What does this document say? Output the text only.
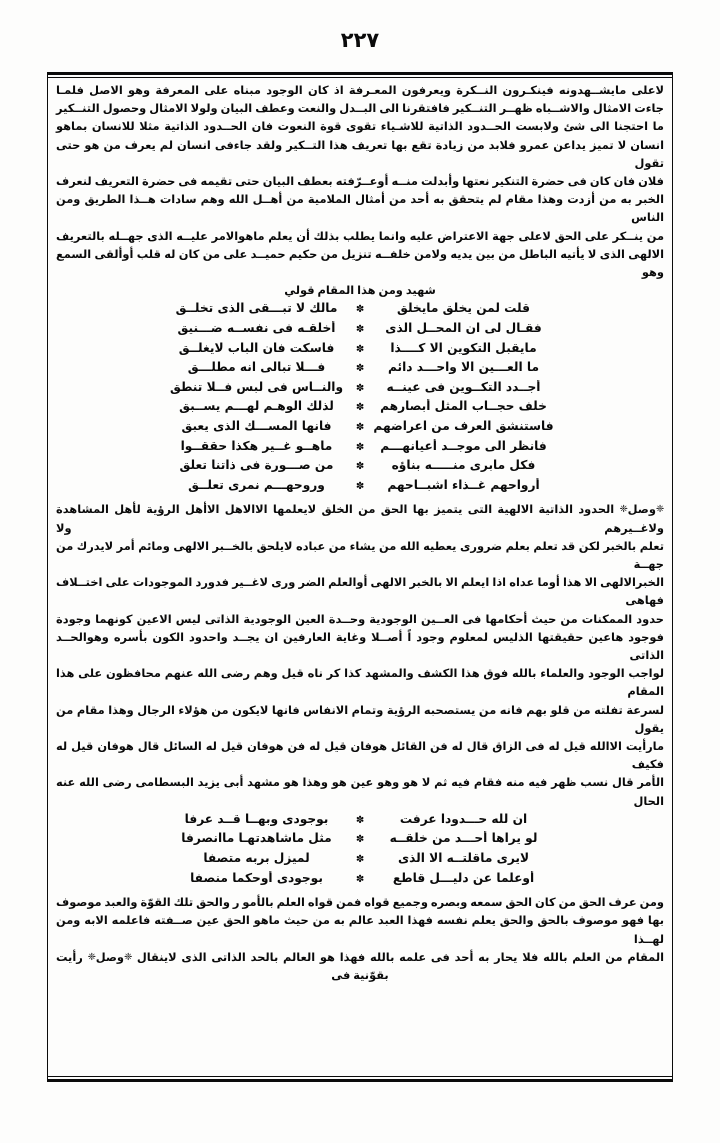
٢٢٧

لاعلى مايشــهدونه فينكـرون النــكرة ويعرفون المعـرفة اذ كان الوجود مبناه على المعرفة وهو الاصل فلمـا

جاءت الامثال والاشــباه ظهــر التنــكير فافتقرنا الى البــدل والنعت وعطف البيان ولولا الامثال وحصول التنــكير

ما احتجنا الى شئ ولابست الحــدود الذاتية للاشـياء تقوى قوة النعوت فان الحــدود الذاتية مثلا للانسان بماهو

انسان لا تميز يداعن عمرو فلابد من زيادة تقع بها تعريف هذا التــكير ولقد جاءفى انسان لم يعرف من هو حتى تقول

فلان فان كان فى حضرة التنكير نعتها وأبدلت منــه أوعــرّفته بعطف البيان حتى تقيمه فى حضرة التعريف لنعرف

الخبر به من أزدت وهذا مقام لم يتحقق به أحد من أمثال الملامية من أهــل الله وهم سادات هــذا الطريق ومن الناس

من ينــكر على الحق لاعلى جهة الاعتراض عليه وانما يطلب بذلك أن يعلم ماهوالامر عليــه الذى جهــله بالتعريف

الالهى الذى لا يأتيه الباطل من بين يديه ولامن خلفــه تنزيل من حكيم حميــد على من كان له قلب أوألقى السمع وهو

شهيد ومن هذا المقام قولي

قلت لمن يخلق مايخلق
✽
مالك لا تبـــقى الذى تخلــق
فقـال لى ان المحــل الذى
✽
أخلقـه فى نفســه ضـــنيق
مايقبل التكوين الا كــــذا
✽
فاسكت فان الباب لايغلــق
ما العـــين الا واحـــد دائم
✽
فـــلا تبالى انه مطلـــق
أجــدد التكــوين فى عينــه
✽
والنــاس فى لبس فــلا تنطق
خلف حجــاب المثل أبصارهم
✽
لذلك الوهـم لهـــم يســبق
فاستنشق العرف من اعراضهم
✽
فانها المســـك الذى يعبق
فانظر الى موجــد أعيانهـــم
✽
ماهــو غــير هكذا حققــوا
فكل مابرى منـــــه بناؤه
✽
من صـــورة فى ذاتنا تعلق
أرواحهم غــذاء اشبــاحهم
✽
وروحهـــم نمرى تعلــق

❈وصل❈ الحدود الذاتية الالهية التى يتميز بها الحق من الخلق لايعلمها الاالاهل الاأهل الرؤية لأهل المشاهدة ولاغــيرهم ولا

تعلم بالخبر لكن قد تعلم بعلم ضرورى يعطيه الله من يشاء من عباده لايلحق بالخــبر الالهى ومائم أمر لايدرك من جهــة

الخبرالالهى الا هذا أوما عداه اذا ايعلم الا بالخبر الالهى أوالعلم الضر ورى لاغــير فدورد الموجودات على اختــلاف فهاهى

حدود الممكنات من حيث أحكامها فى العــين الوجودية وحــدة العين الوجودية الذاتى ليس الاعين كونهما وجودة

فوجود هاعين حقيقتها الذليس لمعلوم وجود اً أصــلا وغاية العارفين ان يجــد واحدود الكون بأسره وهوالحــد الذاتى

لواجب الوجود والعلماء بالله فوق هذا الكشف والمشهد كذا كر ناه قيل وهم رضى الله عنهم محافظون على هذا المقام

لسرعة تفلته من قلو بهم فانه من يستصحبه الرؤية وتمام الانفاس فانها لايكون من هؤلاء الرجال وهذا مقام من يقول

مارأيت الاالله قيل له فى الزاق قال له فن القائل هوفان قيل له فن هوفان قيل له السائل قال هوفان قيل له فكيف

الأمر قال نسب ظهر فيه منه فقام فيه ثم لا هو وهو عين هو وهذا هو مشهد أبى يزيد البسطامى رضى الله عنه الحال

ان لله حـــدودا عرفت
✽
بوجودى وبهــا قــد عرفا
لو يراها أحـــد من خلقــه
✽
مثل ماشاهدتهـا ماانصرفا
لايرى ماقلتــه الا الذى
✽
لميزل بربه متصفا
أوعلما عن دليـــل قاطع
✽
بوجودى أوحكما منصفا

ومن عرف الحق من كان الحق سمعه وبصره وجميع قواه فمن قواه العلم بالأمو ر والحق تلك القوّة والعبد موصوف

بها فهو موصوف بالحق والحق يعلم نفسه فهذا العبد عالم به من حيث ماهو الحق عين صــفته فاعلمه الابه ومن لهــذا

المقام من العلم بالله فلا يحار به أحد فى علمه بالله فهذا هو العالم بالحد الذاتى الذى لاينقال ❈وصل❈ رأيت بقوّنية فى
